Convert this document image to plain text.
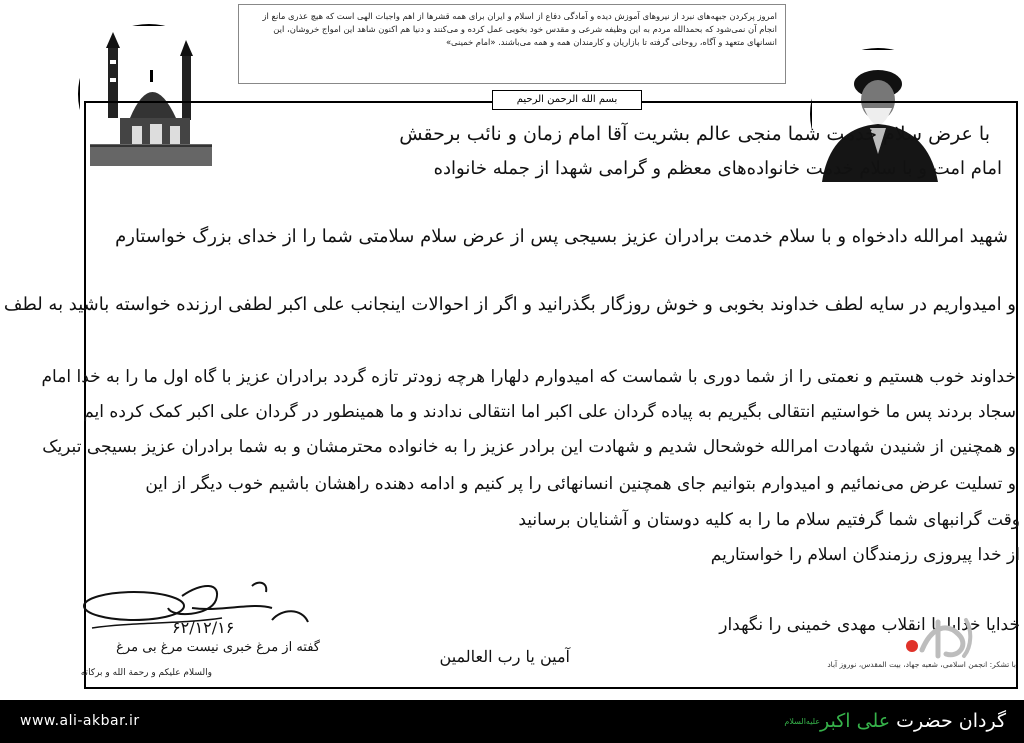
امروز پرکردن جبهه‌های نبرد از نیروهای آموزش دیده و آمادگی دفاع از اسلام و ایران برای همه قشرها از اهم واجبات الهی است که هیچ عذری مانع از انجام آن نمی‌شود که بحمدالله مردم به این وظیفه شرعی و مقدس خود بخوبی عمل کرده و می‌کنند و دنیا هم اکنون شاهد این امواج خروشان، این انسانهای متعهد و آگاه، روحانی گرفته تا بازاریان و کارمندان همه و همه می‌باشند. «امام خمینی»
بسم الله الرحمن الرحیم
با عرض سلام خدمت شما منجی عالم بشریت آقا امام زمان و نائب برحقش
امام امت و با سلام خدمت خانواده‌های معظم و گرامی شهدا از جمله خانواده
شهید امرالله دادخواه و با سلام خدمت برادران عزیز بسیجی پس از عرض سلام سلامتی شما را از خدای بزرگ خواستارم
و امیدواریم در سایه لطف خداوند بخوبی و خوش روزگار بگذرانید و اگر از احوالات اینجانب علی اکبر لطفی ارزنده خواسته باشید به لطف
خداوند خوب هستیم و نعمتی را از شما دوری با شماست که امیدوارم دلهارا هرچه زودتر تازه گردد برادران عزیز با گاه اول ما را به خدا امام
سجاد بردند پس ما خواستیم انتقالی بگیریم به پیاده گردان علی اکبر اما انتقالی ندادند و ما همینطور در گردان علی اکبر کمک کرده ایم
و همچنین از شنیدن شهادت امرالله خوشحال شدیم و شهادت این برادر عزیز را به خانواده محترمشان و به شما برادران عزیز بسیجی تبریک
و تسلیت عرض می‌نمائیم و امیدوارم بتوانیم جای همچنین انسانهائی را پر کنیم و ادامه دهنده راهشان باشیم خوب دیگر از این
وقت گرانبهای شما گرفتیم سلام ما را به کلیه دوستان و آشنایان برسانید
از خدا پیروزی رزمندگان اسلام را خواستاریم
خدایا خدایا تا انقلاب مهدی خمینی را نگهدار
آمین یا رب العالمین
۶۲/۱۲/۱۶
گفته از مرغ خبری نیست مرغ بی مرغ
والسلام علیکم و رحمة الله و برکاته
با تشکر: انجمن اسلامی، شعبه جهاد، بیت المقدس، نوروز آباد
www.ali-akbar.ir	گردان حضرت علی اکبر$^{علیه‌السلام}$
